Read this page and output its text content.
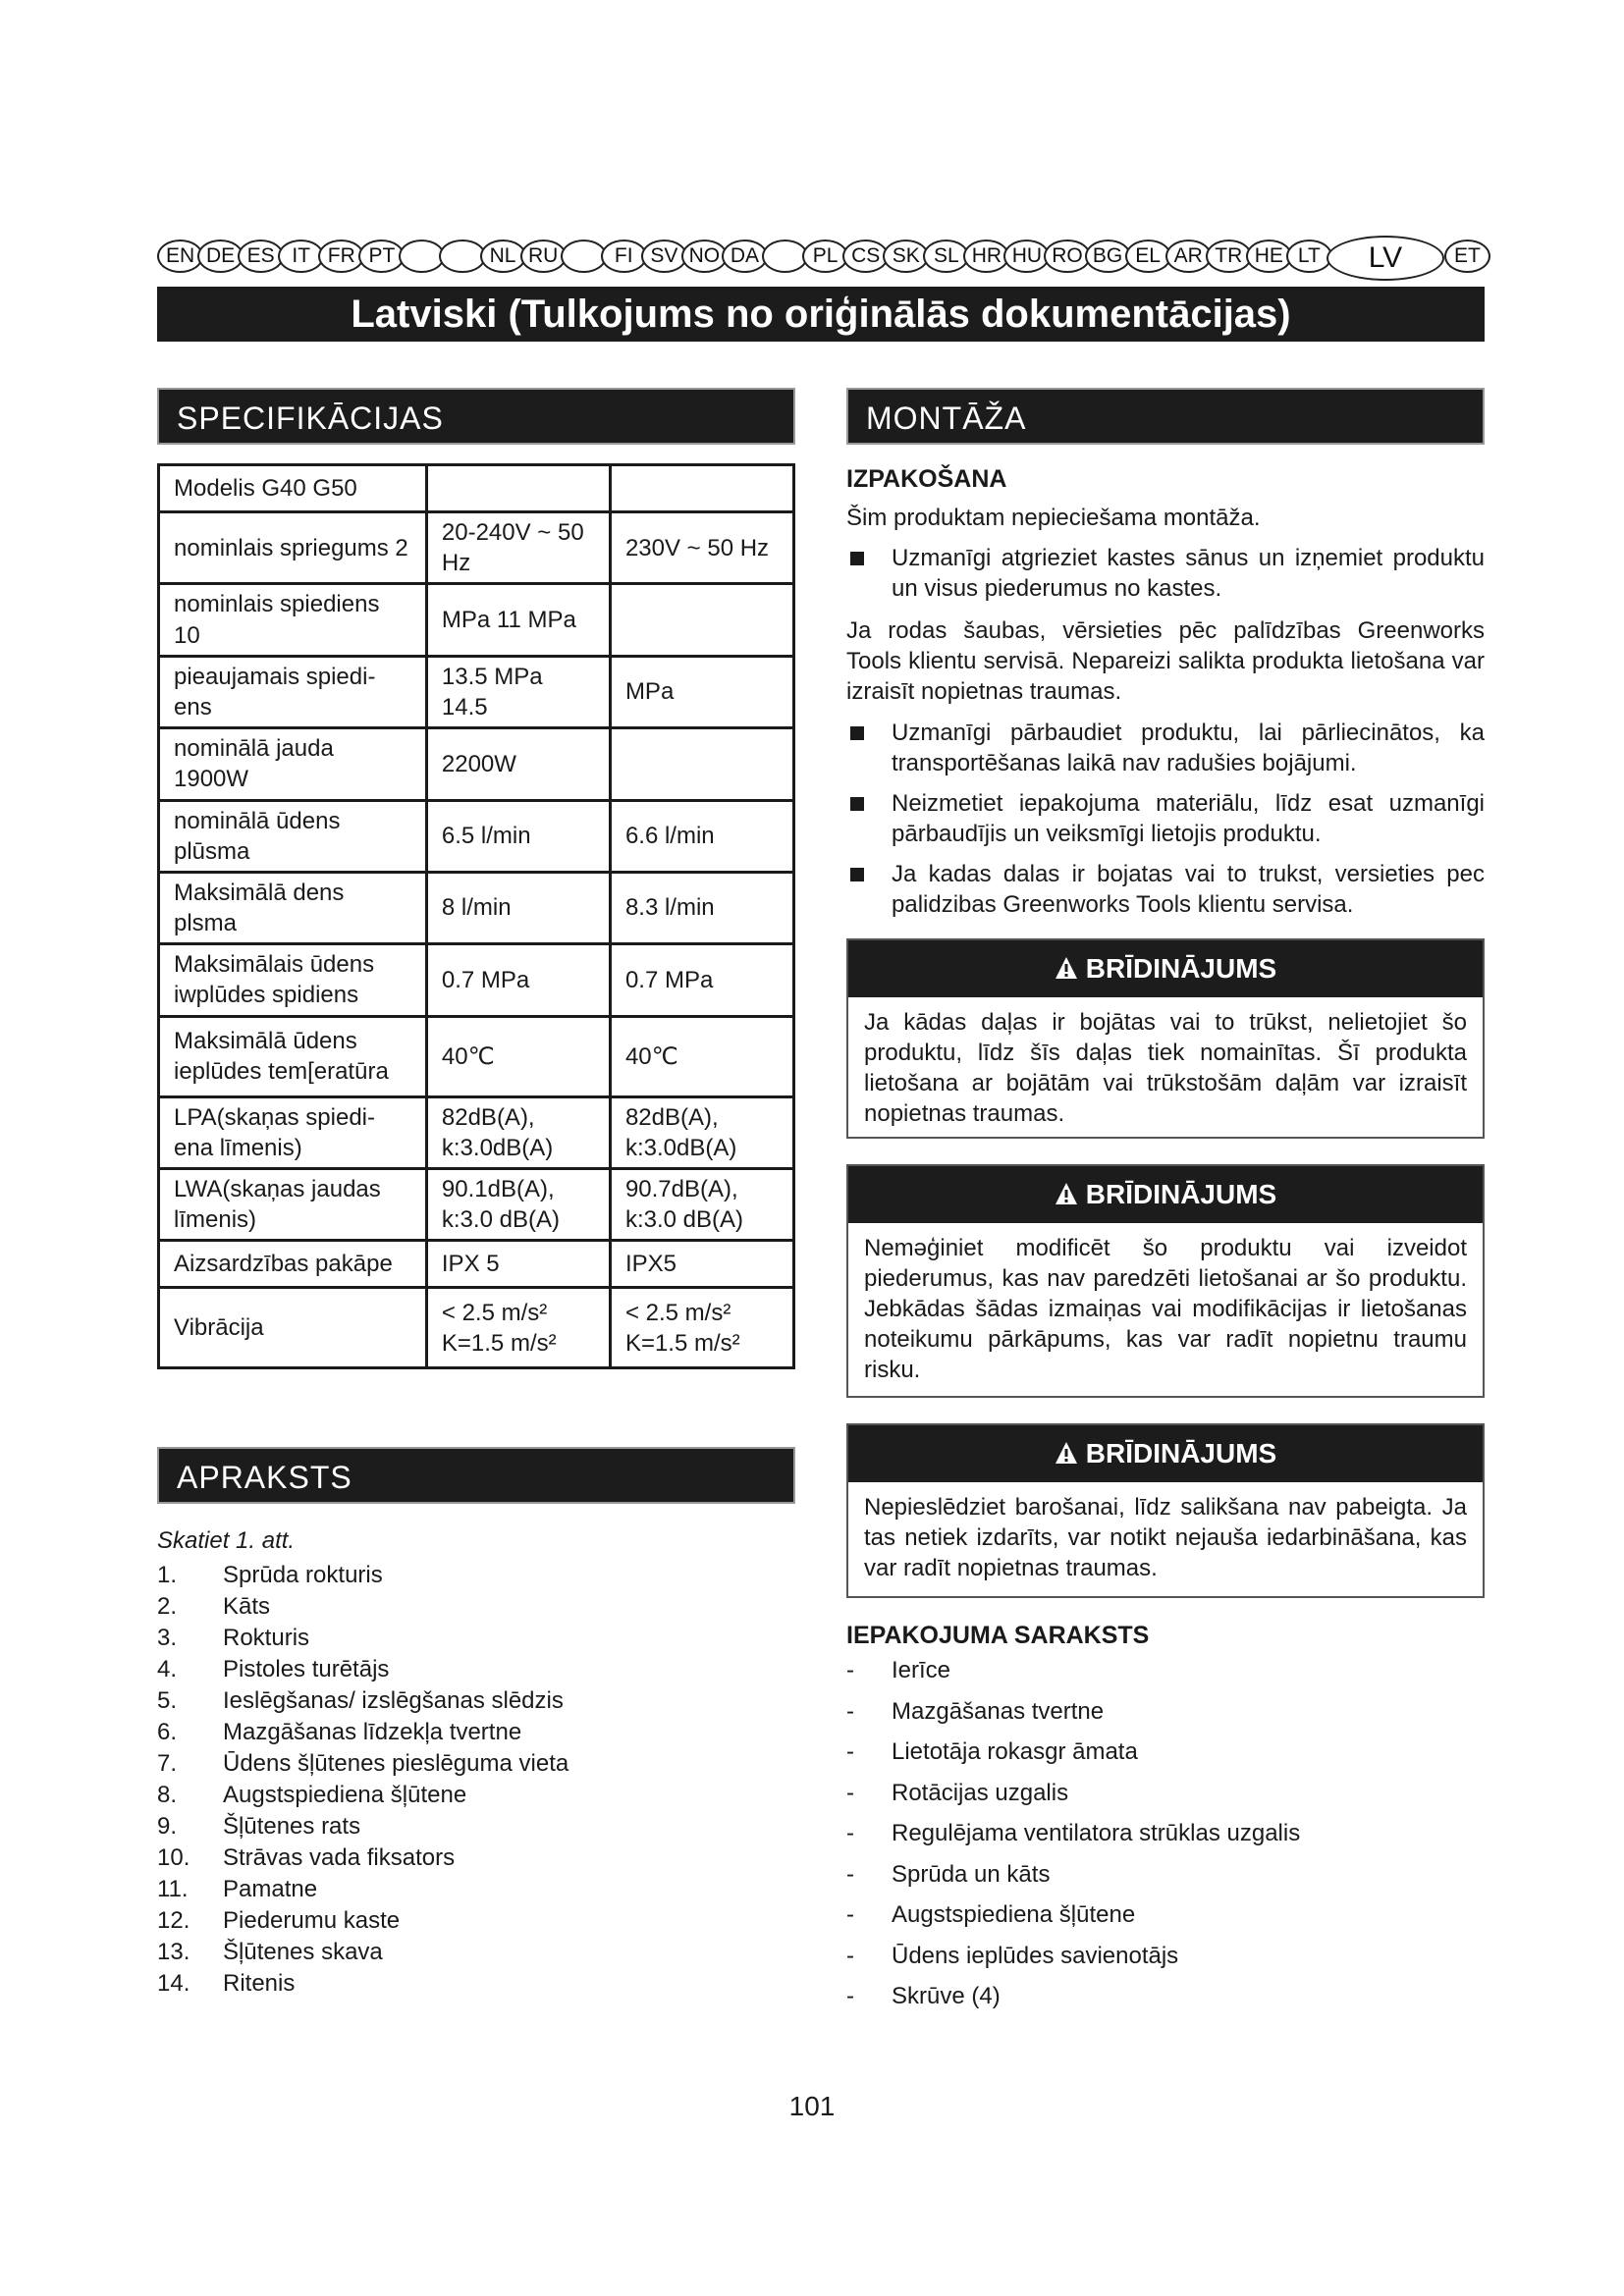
EN DE ES IT FR PT	NL RU	FI SV NO DA	PL CS SK SL HR HU RO BG EL AR TR HE LT	LV	ET
Latviski (Tulkojums no oriģinālās dokumentācijas)
SPECIFIKĀCIJAS
Modelis G40 G50		
nominlais spriegums 2	20-240V ~ 50 Hz	230V ~ 50 Hz
nominlais spiediens 10	MPa 11 MPa	
pieaujamais spiedi-ens	13.5 MPa 14.5	MPa
nominālā jauda 1900W	2200W	
nominālā ūdens plūsma	6.5 l/min	6.6 l/min
Maksimālā dens plsma	8 l/min	8.3 l/min
Maksimālais ūdens iwplūdes spidiens	0.7 MPa	0.7 MPa
Maksimālā ūdens ieplūdes tem[eratūra	40℃	40℃
LPA(skaņas spiedi-ena līmenis)	82dB(A), k:3.0dB(A)	82dB(A), k:3.0dB(A)
LWA(skaņas jaudas līmenis)	90.1dB(A), k:3.0 dB(A)	90.7dB(A), k:3.0 dB(A)
Aizsardzības pakāpe	IPX 5	IPX5
Vibrācija	< 2.5 m/s² K=1.5 m/s²	< 2.5 m/s² K=1.5 m/s²
APRAKSTS
Skatiet 1. att.
1. Sprūda rokturis
2. Kāts
3. Rokturis
4. Pistoles turētājs
5. Ieslēgšanas/ izslēgšanas slēdzis
6. Mazgāšanas līdzekļa tvertne
7. Ūdens šļūtenes pieslēguma vieta
8. Augstspiediena šļūtene
9. Šļūtenes rats
10. Strāvas vada fiksators
11. Pamatne
12. Piederumu kaste
13. Šļūtenes skava
14. Ritenis
MONTĀŽA
IZPAKOŠANA
Šim produktam nepieciešama montāža.
Uzmanīgi atgrieziet kastes sānus un izņemiet produktu un visus piederumus no kastes.
Ja rodas šaubas, vērsieties pēc palīdzības Greenworks Tools klientu servisā. Nepareizi salikta produkta lietošana var izraisīt nopietnas traumas.
Uzmanīgi pārbaudiet produktu, lai pārliecinātos, ka transportēšanas laikā nav radušies bojājumi.
Neizmetiet iepakojuma materiālu, līdz esat uzmanīgi pārbaudījis un veiksmīgi lietojis produktu.
Ja kadas dalas ir bojatas vai to trukst, versieties pec palidzibas Greenworks Tools klientu servisa.
BRĪDINĀJUMS
Ja kādas daļas ir bojātas vai to trūkst, nelietojiet šo produktu, līdz šīs daļas tiek nomainītas. Šī produkta lietošana ar bojātām vai trūkstošām daļām var izraisīt nopietnas traumas.
BRĪDINĀJUMS
Neməģiniet modificēt šo produktu vai izveidot piederumus, kas nav paredzēti lietošanai ar šo produktu. Jebkādas šādas izmaiņas vai modifikācijas ir lietošanas noteikumu pārkāpums, kas var radīt nopietnu traumu risku.
BRĪDINĀJUMS
Nepieslēdziet barošanai, līdz salikšana nav pabeigta. Ja tas netiek izdarīts, var notikt nejauša iedarbināšana, kas var radīt nopietnas traumas.
IEPAKOJUMA SARAKSTS
- Ierīce
- Mazgāšanas tvertne
- Lietotāja rokasgr āmata
- Rotācijas uzgalis
- Regulējama ventilatora strūklas uzgalis
- Sprūda un kāts
- Augstspiediena šļūtene
- Ūdens ieplūdes savienotājs
- Skrūve (4)
101
